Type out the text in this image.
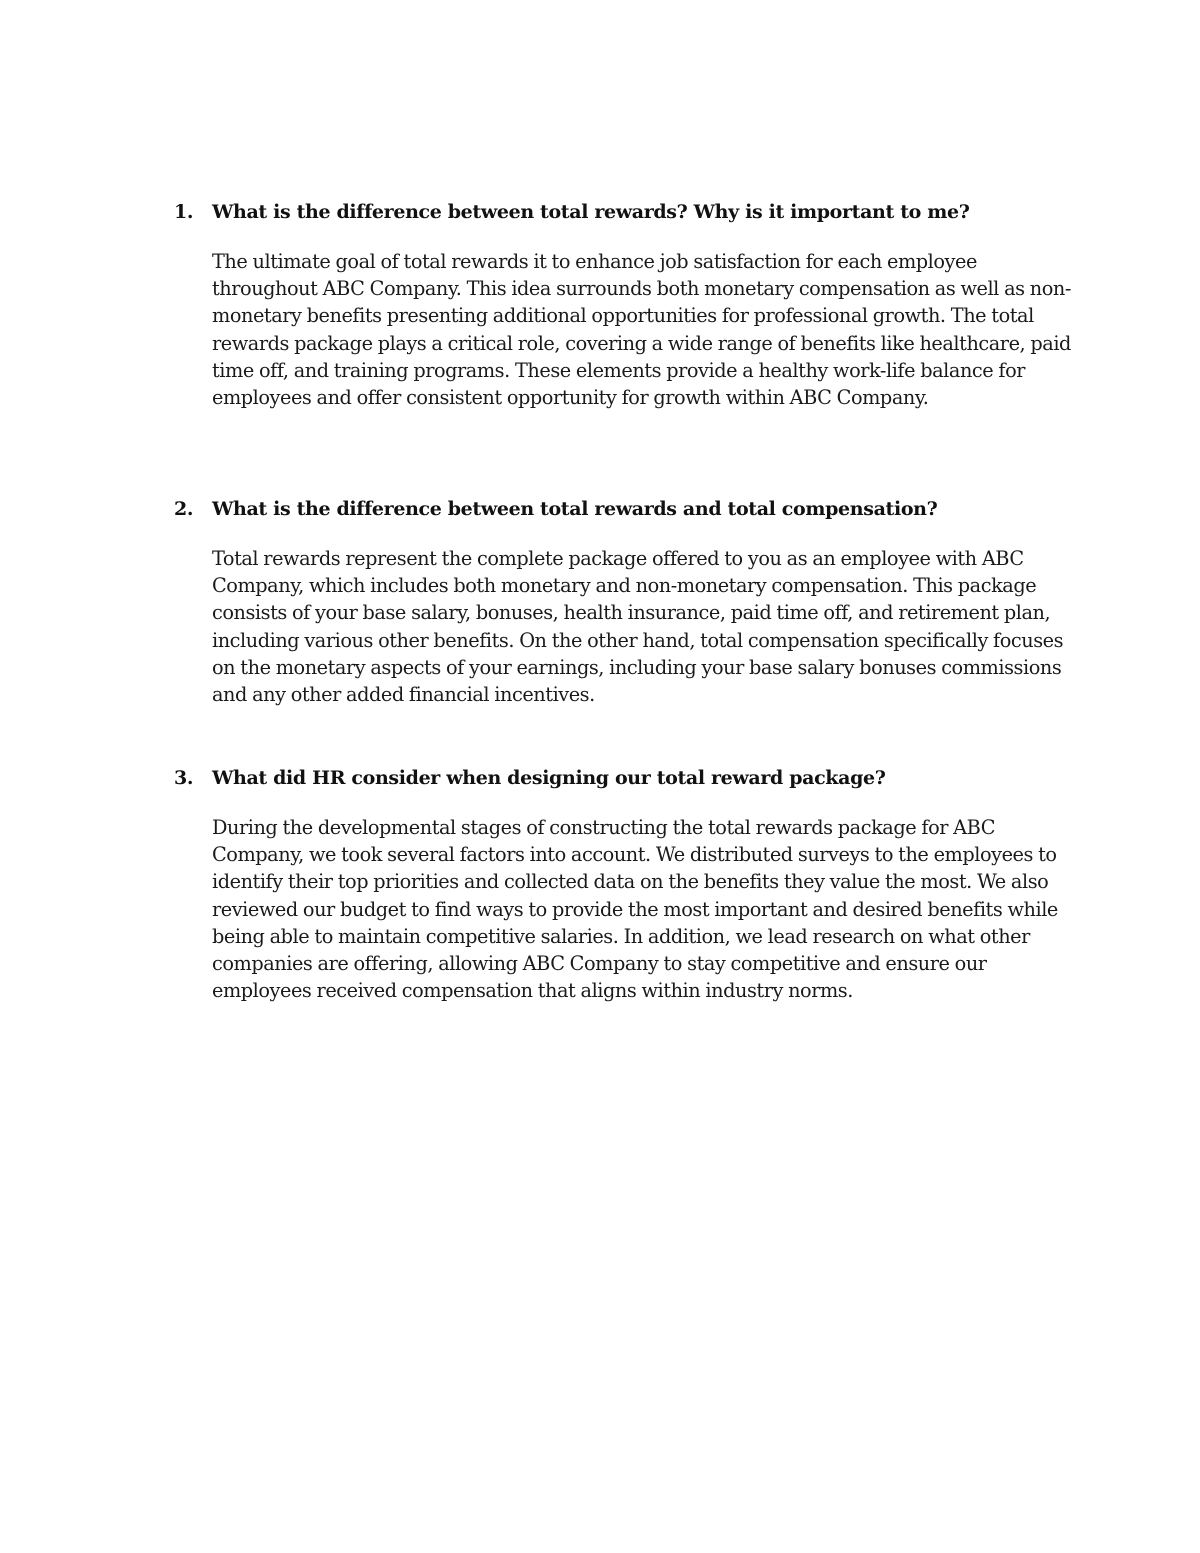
1. What is the difference between total rewards? Why is it important to me?

The ultimate goal of total rewards it to enhance job satisfaction for each employee throughout ABC Company. This idea surrounds both monetary compensation as well as non-monetary benefits presenting additional opportunities for professional growth. The total rewards package plays a critical role, covering a wide range of benefits like healthcare, paid time off, and training programs. These elements provide a healthy work-life balance for employees and offer consistent opportunity for growth within ABC Company.

2. What is the difference between total rewards and total compensation?

Total rewards represent the complete package offered to you as an employee with ABC Company, which includes both monetary and non-monetary compensation. This package consists of your base salary, bonuses, health insurance, paid time off, and retirement plan, including various other benefits. On the other hand, total compensation specifically focuses on the monetary aspects of your earnings, including your base salary bonuses commissions and any other added financial incentives.

3. What did HR consider when designing our total reward package?

During the developmental stages of constructing the total rewards package for ABC Company, we took several factors into account. We distributed surveys to the employees to identify their top priorities and collected data on the benefits they value the most. We also reviewed our budget to find ways to provide the most important and desired benefits while being able to maintain competitive salaries. In addition, we lead research on what other companies are offering, allowing ABC Company to stay competitive and ensure our employees received compensation that aligns within industry norms.
